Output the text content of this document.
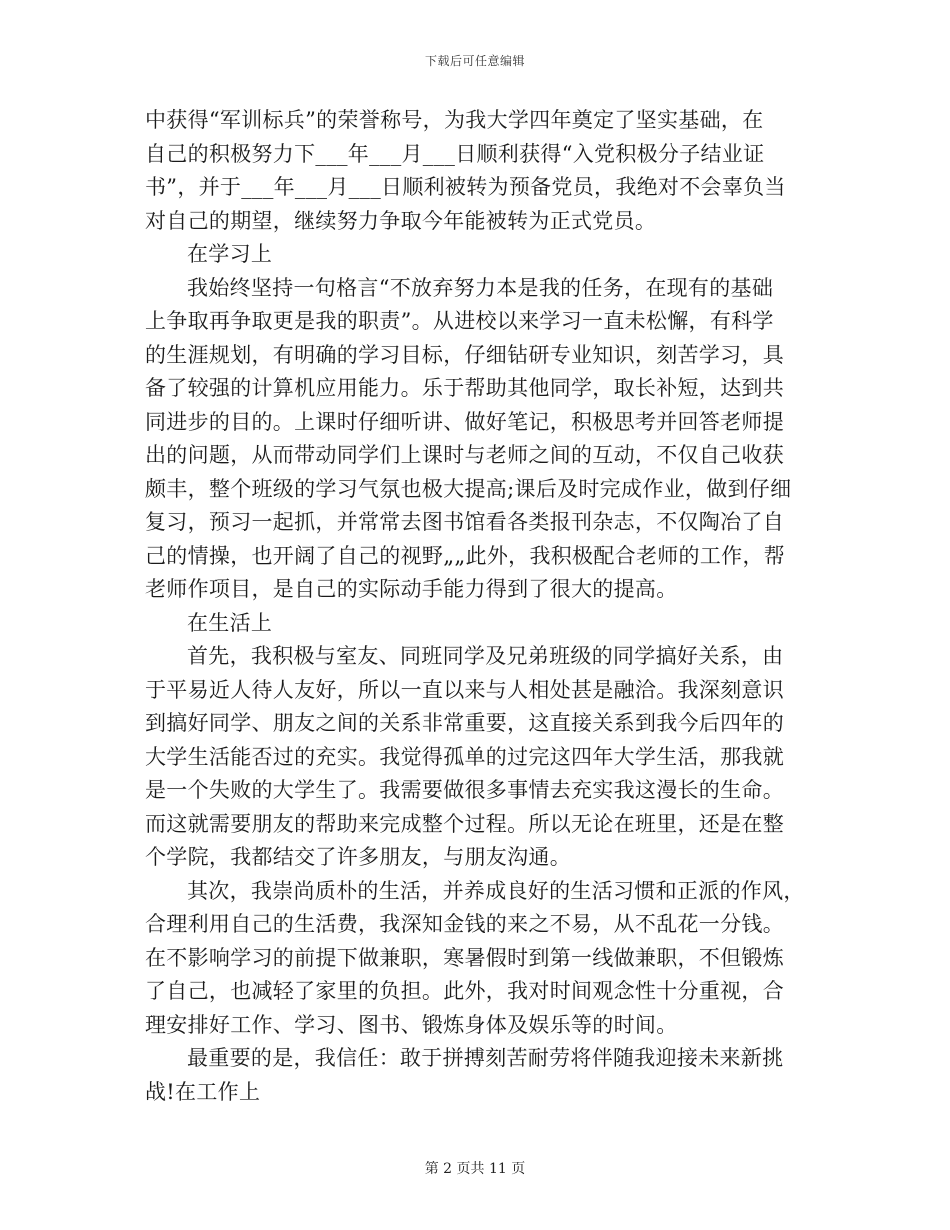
下载后可任意编辑
中获得“军训标兵”的荣誉称号，为我大学四年奠定了坚实基础，在
自己的积极努力下___年___月___日顺利获得“入党积极分子结业证
书”，并于___年___月___日顺利被转为预备党员，我绝对不会辜负当
对自己的期望，继续努力争取今年能被转为正式党员。
在学习上
我始终坚持一句格言“不放弃努力本是我的任务，在现有的基础
上争取再争取更是我的职责”。从进校以来学习一直未松懈，有科学
的生涯规划，有明确的学习目标，仔细钻研专业知识，刻苦学习，具
备了较强的计算机应用能力。乐于帮助其他同学，取长补短，达到共
同进步的目的。上课时仔细听讲、做好笔记，积极思考并回答老师提
出的问题，从而带动同学们上课时与老师之间的互动，不仅自己收获
颇丰，整个班级的学习气氛也极大提高;课后及时完成作业，做到仔细
复习，预习一起抓，并常常去图书馆看各类报刊杂志，不仅陶冶了自
己的情操，也开阔了自己的视野„„此外，我积极配合老师的工作，帮
老师作项目，是自己的实际动手能力得到了很大的提高。
在生活上
首先，我积极与室友、同班同学及兄弟班级的同学搞好关系，由
于平易近人待人友好，所以一直以来与人相处甚是融洽。我深刻意识
到搞好同学、朋友之间的关系非常重要，这直接关系到我今后四年的
大学生活能否过的充实。我觉得孤单的过完这四年大学生活，那我就
是一个失败的大学生了。我需要做很多事情去充实我这漫长的生命。
而这就需要朋友的帮助来完成整个过程。所以无论在班里，还是在整
个学院，我都结交了许多朋友，与朋友沟通。
其次，我崇尚质朴的生活，并养成良好的生活习惯和正派的作风，
合理利用自己的生活费，我深知金钱的来之不易，从不乱花一分钱。
在不影响学习的前提下做兼职，寒暑假时到第一线做兼职，不但锻炼
了自己，也减轻了家里的负担。此外，我对时间观念性十分重视，合
理安排好工作、学习、图书、锻炼身体及娱乐等的时间。
最重要的是，我信任：敢于拼搏刻苦耐劳将伴随我迎接未来新挑
战!在工作上
第 2 页共 11 页
